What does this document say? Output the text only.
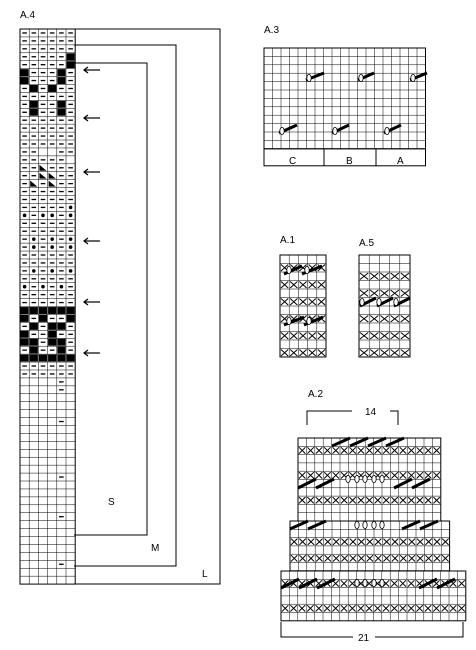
A.4
A.3
A.1	A.5
A.2
S
M
L
C	B	A
14
21
